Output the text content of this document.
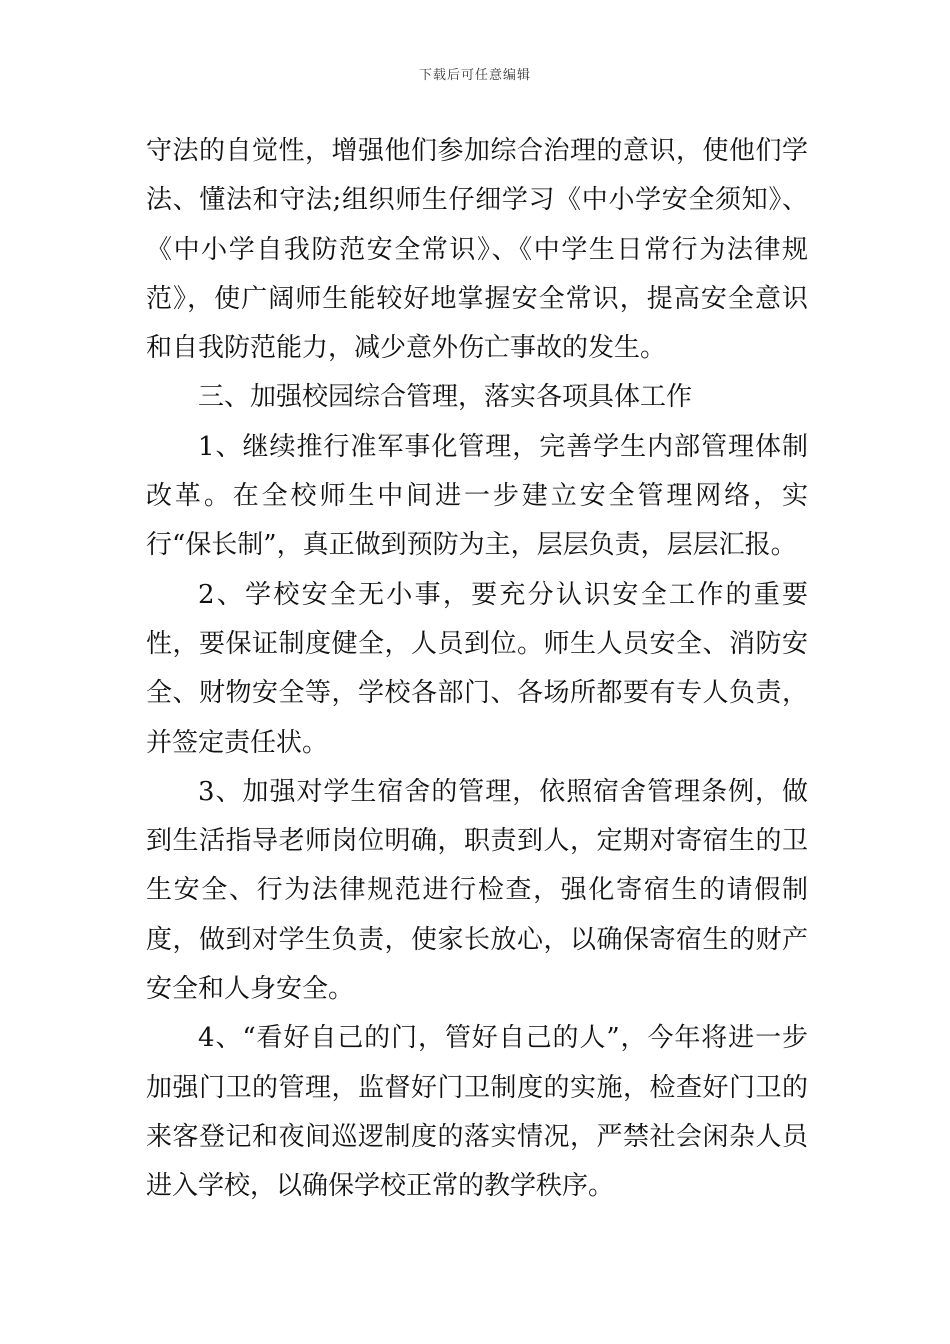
下载后可任意编辑

守法的自觉性，增强他们参加综合治理的意识，使他们学法、懂法和守法;组织师生仔细学习《中小学安全须知》、《中小学自我防范安全常识》、《中学生日常行为法律规范》，使广阔师生能较好地掌握安全常识，提高安全意识和自我防范能力，减少意外伤亡事故的发生。

三、加强校园综合管理，落实各项具体工作

1、继续推行准军事化管理，完善学生内部管理体制改革。在全校师生中间进一步建立安全管理网络，实行“保长制”，真正做到预防为主，层层负责，层层汇报。

2、学校安全无小事，要充分认识安全工作的重要性，要保证制度健全，人员到位。师生人员安全、消防安全、财物安全等，学校各部门、各场所都要有专人负责，并签定责任状。

3、加强对学生宿舍的管理，依照宿舍管理条例，做到生活指导老师岗位明确，职责到人，定期对寄宿生的卫生安全、行为法律规范进行检查，强化寄宿生的请假制度，做到对学生负责，使家长放心，以确保寄宿生的财产安全和人身安全。

4、“看好自己的门，管好自己的人”，今年将进一步加强门卫的管理，监督好门卫制度的实施，检查好门卫的来客登记和夜间巡逻制度的落实情况，严禁社会闲杂人员进入学校，以确保学校正常的教学秩序。
